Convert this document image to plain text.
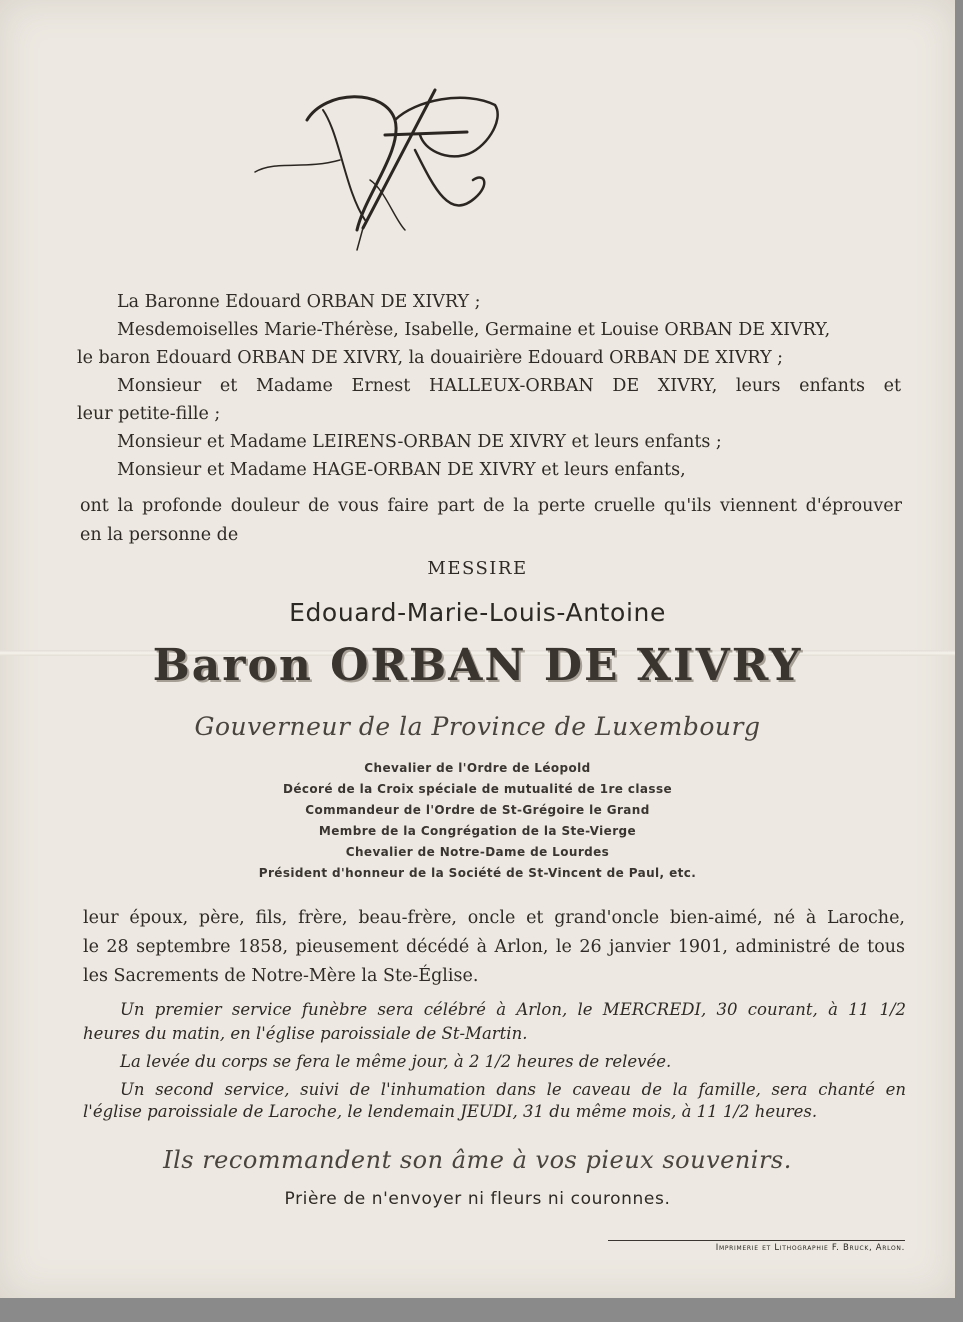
La Baronne Edouard ORBAN DE XIVRY ;
Mesdemoiselles Marie-Thérèse, Isabelle, Germaine et Louise ORBAN DE XIVRY,
le baron Edouard ORBAN DE XIVRY, la douairière Edouard ORBAN DE XIVRY ;
Monsieur et Madame Ernest HALLEUX-ORBAN DE XIVRY, leurs enfants et
leur petite-fille ;
Monsieur et Madame LEIRENS-ORBAN DE XIVRY et leurs enfants ;
Monsieur et Madame HAGE-ORBAN DE XIVRY et leurs enfants,
ont la profonde douleur de vous faire part de la perte cruelle qu'ils viennent d'éprouver
en la personne de
MESSIRE
Edouard-Marie-Louis-Antoine
Baron ORBAN DE XIVRY
Gouverneur de la Province de Luxembourg
Chevalier de l'Ordre de Léopold
Décoré de la Croix spéciale de mutualité de 1re classe
Commandeur de l'Ordre de St-Grégoire le Grand
Membre de la Congrégation de la Ste-Vierge
Chevalier de Notre-Dame de Lourdes
Président d'honneur de la Société de St-Vincent de Paul, etc.
leur époux, père, fils, frère, beau-frère, oncle et grand'oncle bien-aimé, né à Laroche,
le 28 septembre 1858, pieusement décédé à Arlon, le 26 janvier 1901, administré de tous
les Sacrements de Notre-Mère la Ste-Église.
Un premier service funèbre sera célébré à Arlon, le MERCREDI, 30 courant, à 11 1/2
heures du matin, en l'église paroissiale de St-Martin.
La levée du corps se fera le même jour, à 2 1/2 heures de relevée.
Un second service, suivi de l'inhumation dans le caveau de la famille, sera chanté en
l'église paroissiale de Laroche, le lendemain JEUDI, 31 du même mois, à 11 1/2 heures.
Ils recommandent son âme à vos pieux souvenirs.
Prière de n'envoyer ni fleurs ni couronnes.
Imprimerie et Lithographie F. Bruck, Arlon.
